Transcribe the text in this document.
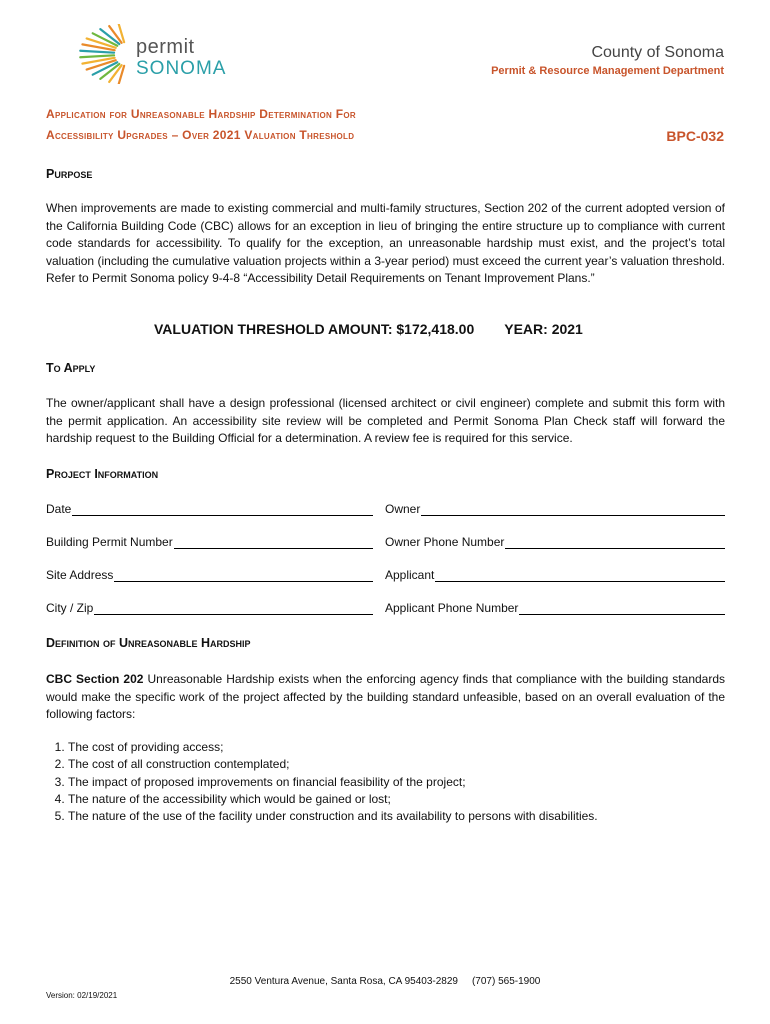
permit
SONOMA
County of Sonoma
Permit & Resource Management Department
Application for Unreasonable Hardship Determination For
Accessibility Upgrades – Over 2021 Valuation Threshold	BPC-032
Purpose
When improvements are made to existing commercial and multi-family structures, Section 202 of the current adopted version of the California Building Code (CBC) allows for an exception in lieu of bringing the entire structure up to compliance with current code standards for accessibility. To qualify for the exception, an unreasonable hardship must exist, and the project’s total valuation (including the cumulative valuation projects within a 3-year period) must exceed the current year’s valuation threshold. Refer to Permit Sonoma policy 9-4-8 “Accessibility Detail Requirements on Tenant Improvement Plans.”
VALUATION THRESHOLD AMOUNT: $172,418.00 YEAR: 2021
To Apply
The owner/applicant shall have a design professional (licensed architect or civil engineer) complete and submit this form with the permit application. An accessibility site review will be completed and Permit Sonoma Plan Check staff will forward the hardship request to the Building Official for a determination. A review fee is required for this service.
Project Information
Date	Owner
Building Permit Number	Owner Phone Number
Site Address	Applicant
City / Zip	Applicant Phone Number
Definition of Unreasonable Hardship
CBC Section 202 Unreasonable Hardship exists when the enforcing agency finds that compliance with the building standards would make the specific work of the project affected by the building standard unfeasible, based on an overall evaluation of the following factors:
1. The cost of providing access;
2. The cost of all construction contemplated;
3. The impact of proposed improvements on financial feasibility of the project;
4. The nature of the accessibility which would be gained or lost;
5. The nature of the use of the facility under construction and its availability to persons with disabilities.
2550 Ventura Avenue, Santa Rosa, CA 95403-2829 (707) 565-1900
Version: 02/19/2021
